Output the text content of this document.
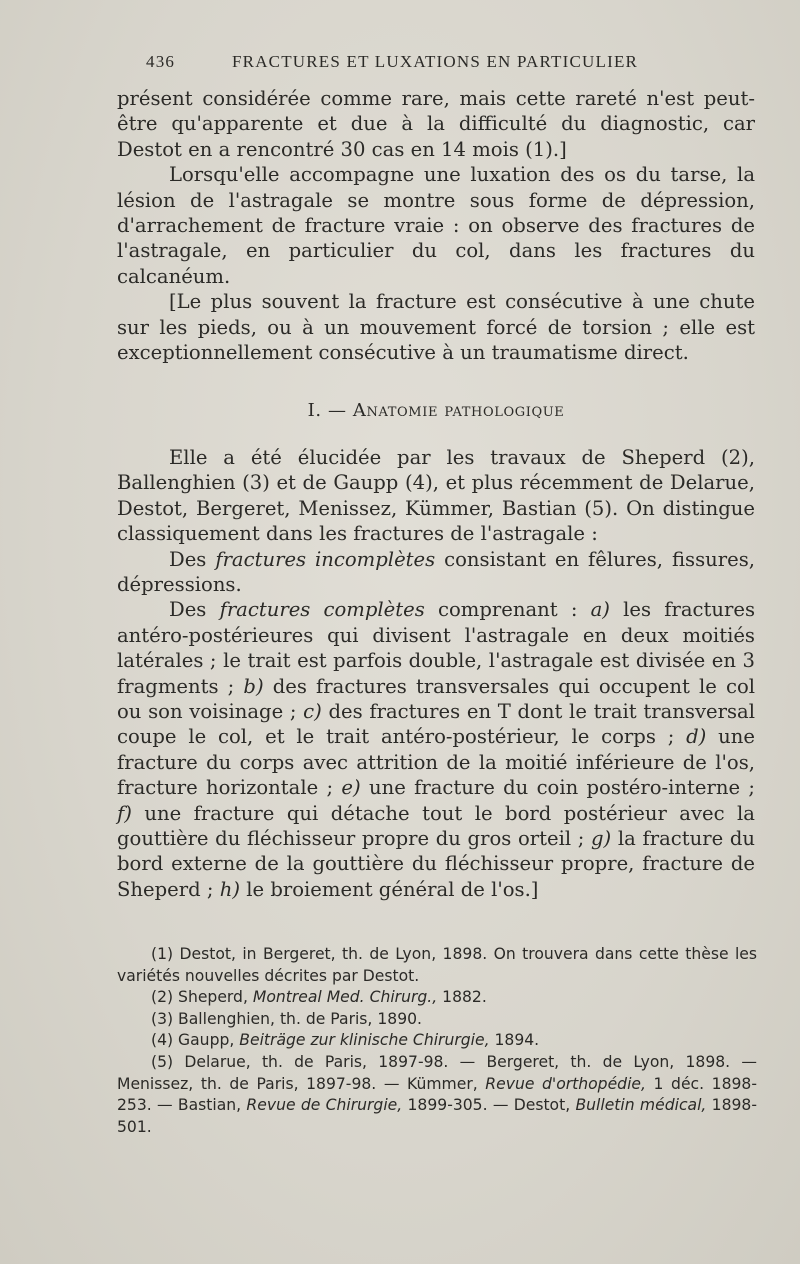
436	FRACTURES ET LUXATIONS EN PARTICULIER

présent considérée comme rare, mais cette rareté n'est peut-être qu'apparente et due à la difficulté du diagnostic, car Destot en a rencontré 30 cas en 14 mois (1).]

Lorsqu'elle accompagne une luxation des os du tarse, la lésion de l'astragale se montre sous forme de dépression, d'arrachement de fracture vraie : on observe des fractures de l'astragale, en particulier du col, dans les fractures du calcanéum.

[Le plus souvent la fracture est consécutive à une chute sur les pieds, ou à un mouvement forcé de torsion ; elle est exceptionnellement consécutive à un traumatisme direct.

I. — Anatomie pathologique

Elle a été élucidée par les travaux de Sheperd (2), Ballenghien (3) et de Gaupp (4), et plus récemment de Delarue, Destot, Bergeret, Menissez, Kümmer, Bastian (5). On distingue classiquement dans les fractures de l'astragale :

Des fractures incomplètes consistant en fêlures, fissures, dépressions.

Des fractures complètes comprenant : a) les fractures antéro-postérieures qui divisent l'astragale en deux moitiés latérales ; le trait est parfois double, l'astragale est divisée en 3 fragments ; b) des fractures transversales qui occupent le col ou son voisinage ; c) des fractures en T dont le trait transversal coupe le col, et le trait antéro-postérieur, le corps ; d) une fracture du corps avec attrition de la moitié inférieure de l'os, fracture horizontale ; e) une fracture du coin postéro-interne ; f) une fracture qui détache tout le bord postérieur avec la gouttière du fléchisseur propre du gros orteil ; g) la fracture du bord externe de la gouttière du fléchisseur propre, fracture de Sheperd ; h) le broiement général de l'os.]

(1) Destot, in Bergeret, th. de Lyon, 1898. On trouvera dans cette thèse les variétés nouvelles décrites par Destot.

(2) Sheperd, Montreal Med. Chirurg., 1882.

(3) Ballenghien, th. de Paris, 1890.

(4) Gaupp, Beiträge zur klinische Chirurgie, 1894.

(5) Delarue, th. de Paris, 1897-98. — Bergeret, th. de Lyon, 1898. — Menissez, th. de Paris, 1897-98. — Kümmer, Revue d'orthopédie, 1 déc. 1898-253. — Bastian, Revue de Chirurgie, 1899-305. — Destot, Bulletin médical, 1898-501.
